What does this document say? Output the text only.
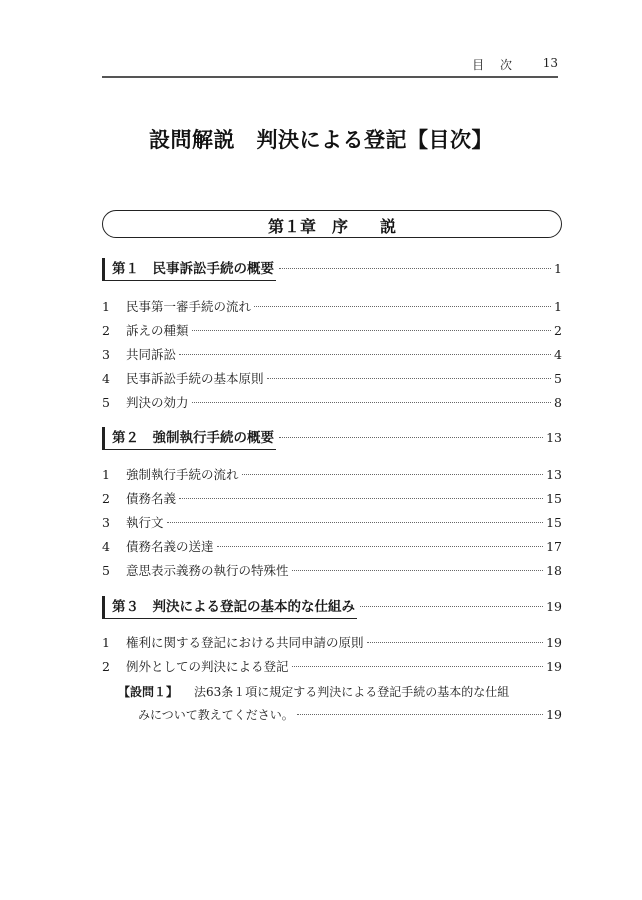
目 次 13
設問解説　判決による登記【目次】
第１章　序　　説
第１　民事訴訟手続の概要	1
1	民事第一審手続の流れ	1
2	訴えの種類	2
3	共同訴訟	4
4	民事訴訟手続の基本原則	5
5	判決の効力	8
第２　強制執行手続の概要	13
1	強制執行手続の流れ	13
2	債務名義	15
3	執行文	15
4	債務名義の送達	17
5	意思表示義務の執行の特殊性	18
第３　判決による登記の基本的な仕組み	19
1	権利に関する登記における共同申請の原則	19
2	例外としての判決による登記	19
【設問１】 法63条１項に規定する判決による登記手続の基本的な仕組
みについて教えてください。	19
